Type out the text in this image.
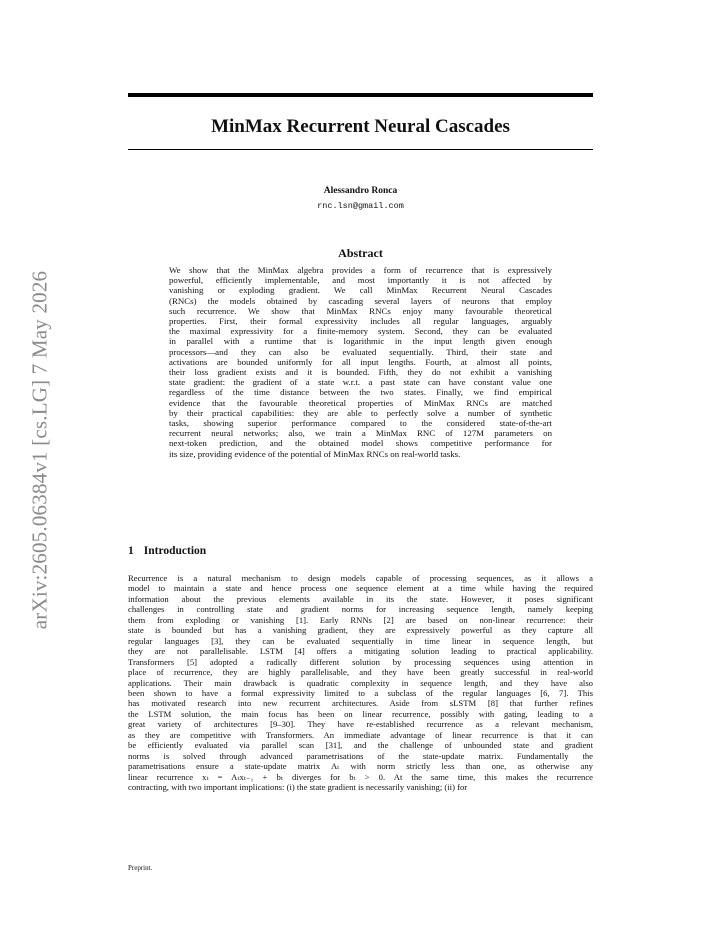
arXiv:2605.06384v1 [cs.LG] 7 May 2026
MinMax Recurrent Neural Cascades
Alessandro Ronca
rnc.lsn@gmail.com
Abstract
We show that the MinMax algebra provides a form of recurrence that is expressively
powerful, efficiently implementable, and most importantly it is not affected by
vanishing or exploding gradient. We call MinMax Recurrent Neural Cascades
(RNCs) the models obtained by cascading several layers of neurons that employ
such recurrence. We show that MinMax RNCs enjoy many favourable theoretical
properties. First, their formal expressivity includes all regular languages, arguably
the maximal expressivity for a finite-memory system. Second, they can be evaluated
in parallel with a runtime that is logarithmic in the input length given enough
processors—and they can also be evaluated sequentially. Third, their state and
activations are bounded uniformly for all input lengths. Fourth, at almost all points,
their loss gradient exists and it is bounded. Fifth, they do not exhibit a vanishing
state gradient: the gradient of a state w.r.t. a past state can have constant value one
regardless of the time distance between the two states. Finally, we find empirical
evidence that the favourable theoretical properties of MinMax RNCs are matched
by their practical capabilities: they are able to perfectly solve a number of synthetic
tasks, showing superior performance compared to the considered state-of-the-art
recurrent neural networks; also, we train a MinMax RNC of 127M parameters on
next-token prediction, and the obtained model shows competitive performance for
its size, providing evidence of the potential of MinMax RNCs on real-world tasks.
1 Introduction
Recurrence is a natural mechanism to design models capable of processing sequences, as it allows a
model to maintain a state and hence process one sequence element at a time while having the required
information about the previous elements available in its the state. However, it poses significant
challenges in controlling state and gradient norms for increasing sequence length, namely keeping
them from exploding or vanishing [1]. Early RNNs [2] are based on non-linear recurrence: their
state is bounded but has a vanishing gradient, they are expressively powerful as they capture all
regular languages [3], they can be evaluated sequentially in time linear in sequence length, but
they are not parallelisable. LSTM [4] offers a mitigating solution leading to practical applicability.
Transformers [5] adopted a radically different solution by processing sequences using attention in
place of recurrence, they are highly parallelisable, and they have been greatly successful in real-world
applications. Their main drawback is quadratic complexity in sequence length, and they have also
been shown to have a formal expressivity limited to a subclass of the regular languages [6, 7]. This
has motivated research into new recurrent architectures. Aside from sLSTM [8] that further refines
the LSTM solution, the main focus has been on linear recurrence, possibly with gating, leading to a
great variety of architectures [9–30]. They have re-established recurrence as a relevant mechanism,
as they are competitive with Transformers. An immediate advantage of linear recurrence is that it can
be efficiently evaluated via parallel scan [31], and the challenge of unbounded state and gradient
norms is solved through advanced parametrisations of the state-update matrix. Fundamentally the
parametrisations ensure a state-update matrix Aₜ with norm strictly less than one, as otherwise any
linear recurrence xₜ = Aₜxₜ₋₁ + bₜ diverges for bₜ > 0. At the same time, this makes the recurrence
contracting, with two important implications: (i) the state gradient is necessarily vanishing; (ii) for
Preprint.
